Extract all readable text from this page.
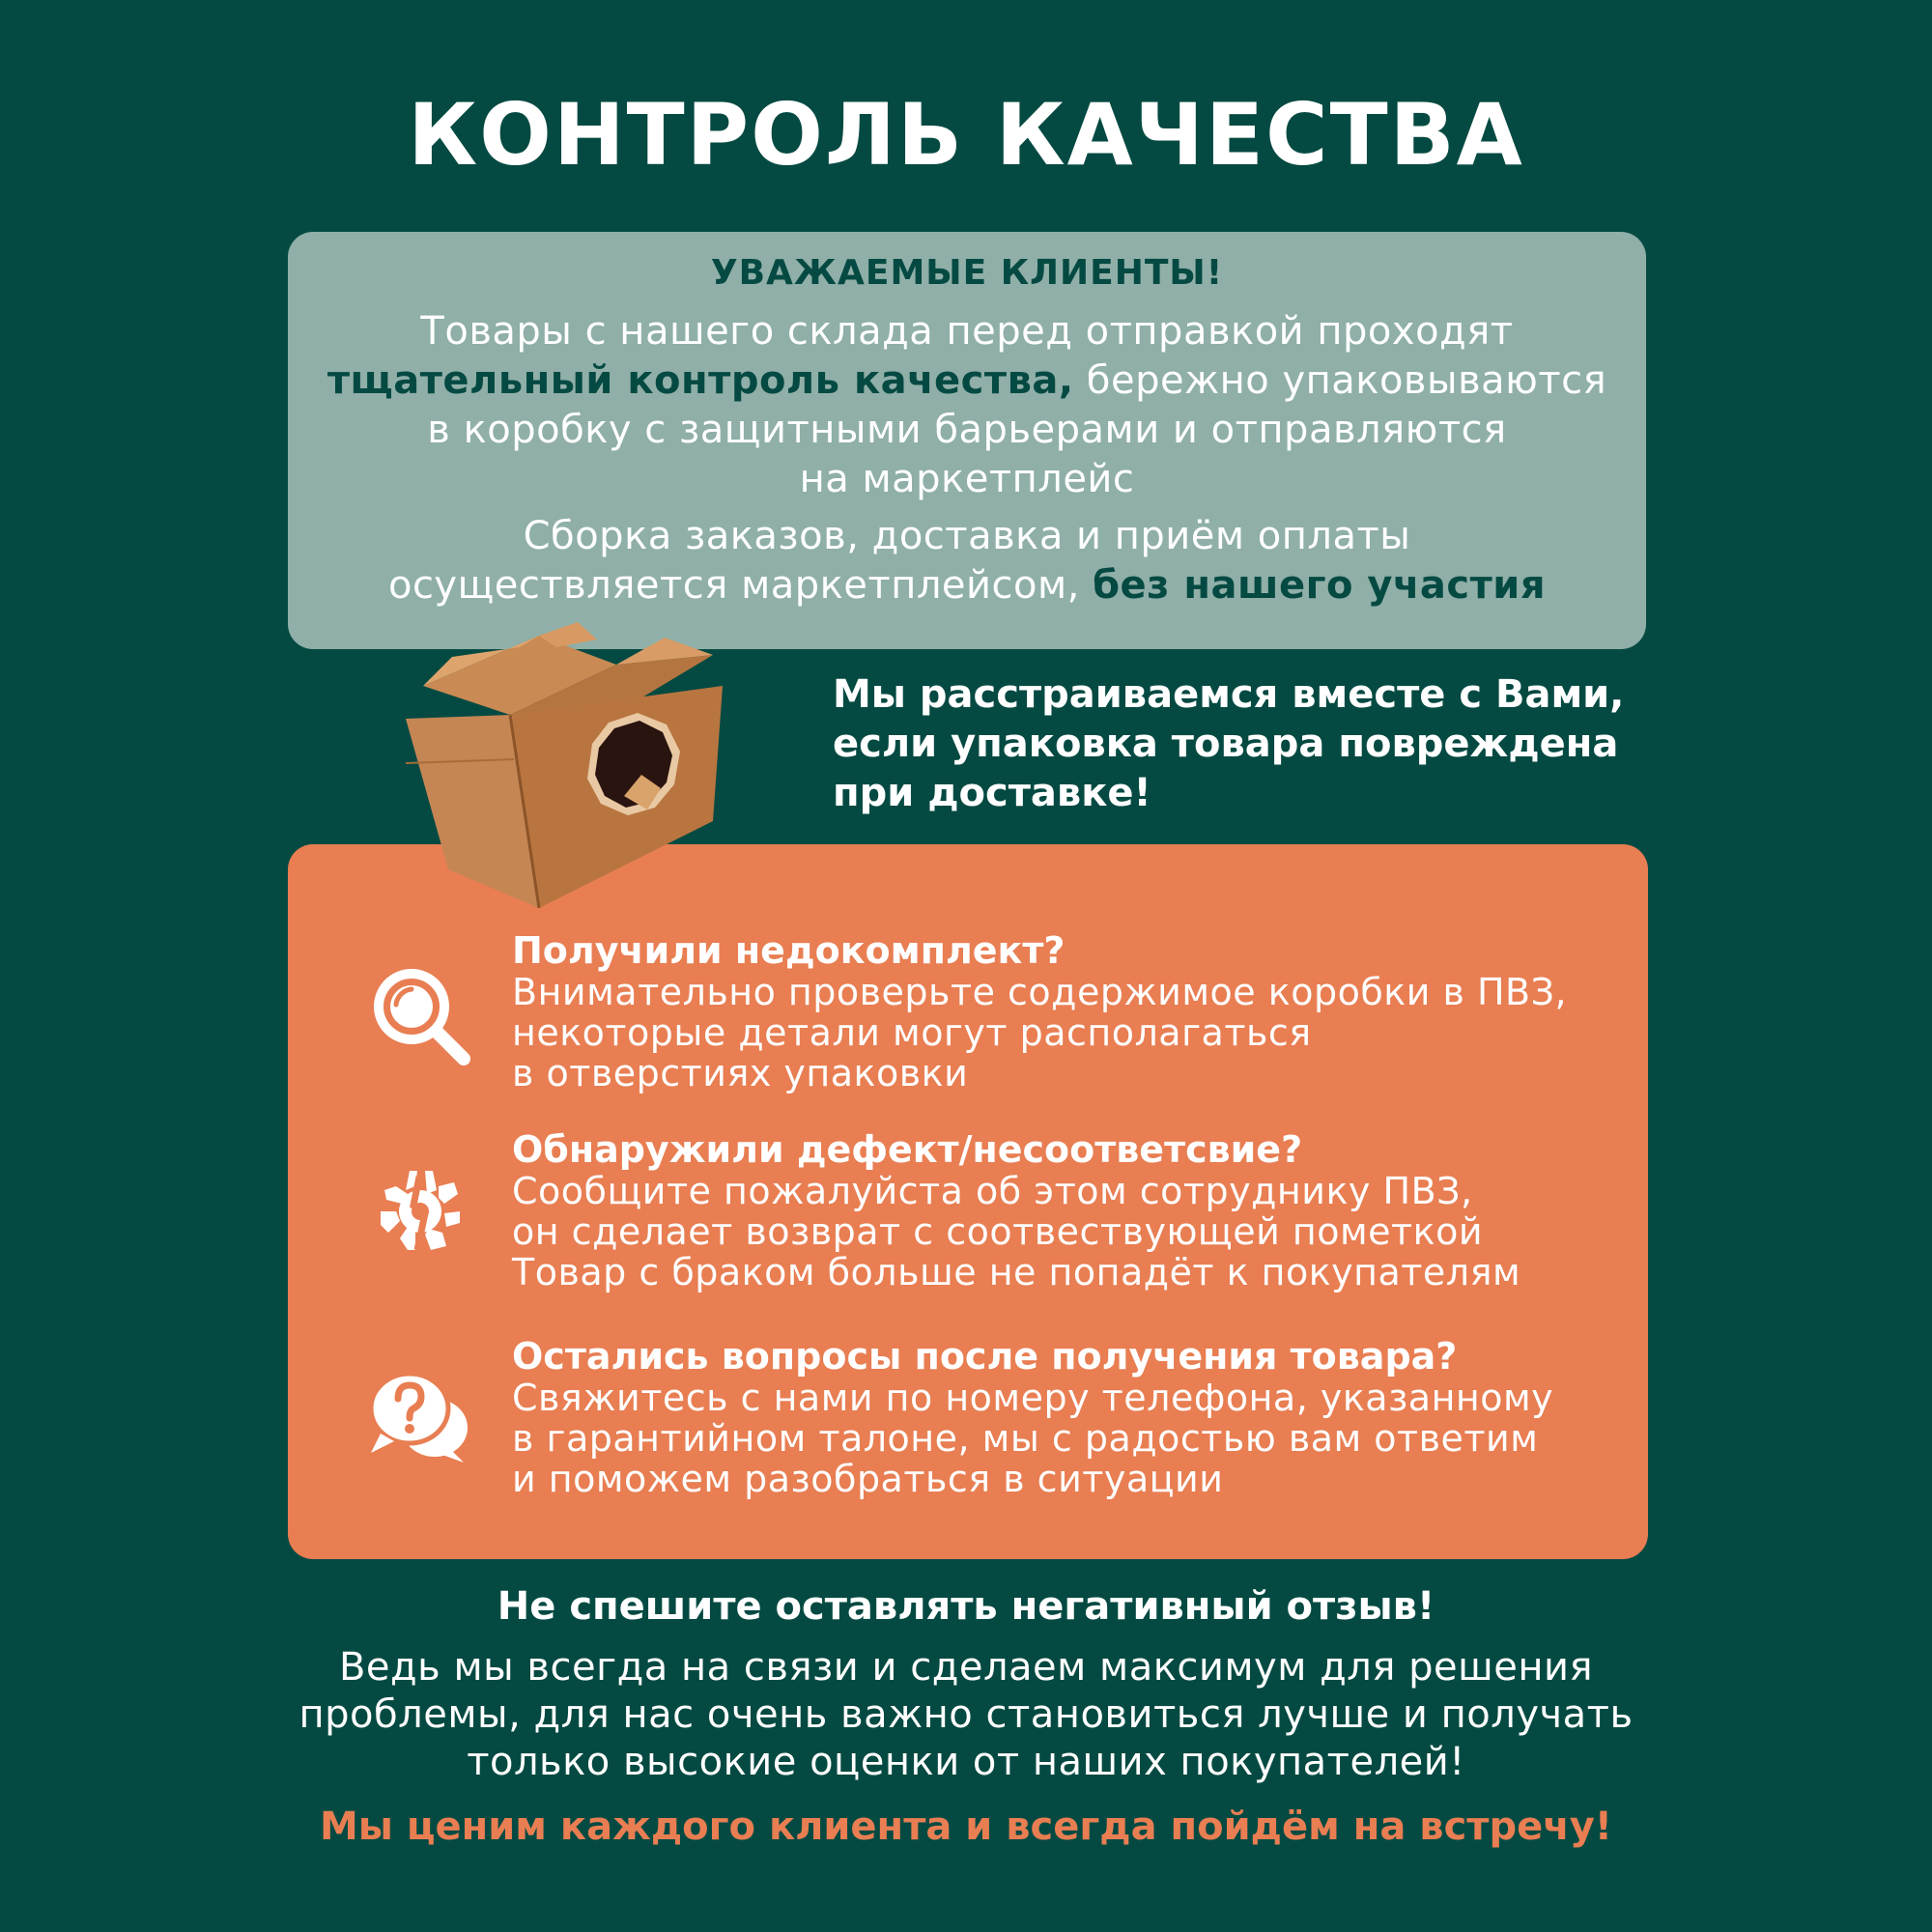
КОНТРОЛЬ КАЧЕСТВА
УВАЖАЕМЫЕ КЛИЕНТЫ!
Товары с нашего склада перед отправкой проходят
тщательный контроль качества, бережно упаковываются
в коробку с защитными барьерами и отправляются
на маркетплейс
Сборка заказов, доставка и приём оплаты
осуществляется маркетплейсом, без нашего участия
Получили недокомплект?
Внимательно проверьте содержимое коробки в ПВЗ,
некоторые детали могут располагаться
в отверстиях упаковки
Обнаружили дефект/несоответсвие?
Сообщите пожалуйста об этом сотруднику ПВЗ,
он сделает возврат с соотвествующей пометкой
Товар с браком больше не попадёт к покупателям
Остались вопросы после получения товара?
Свяжитесь с нами по номеру телефона, указанному
в гарантийном талоне, мы с радостью вам ответим
и поможем разобраться в ситуации
Мы расстраиваемся вместе с Вами,
если упаковка товара повреждена
при доставке!
Не спешите оставлять негативный отзыв!
Ведь мы всегда на связи и сделаем максимум для решения
проблемы, для нас очень важно становиться лучше и получать
только высокие оценки от наших покупателей!
Мы ценим каждого клиента и всегда пойдём на встречу!
